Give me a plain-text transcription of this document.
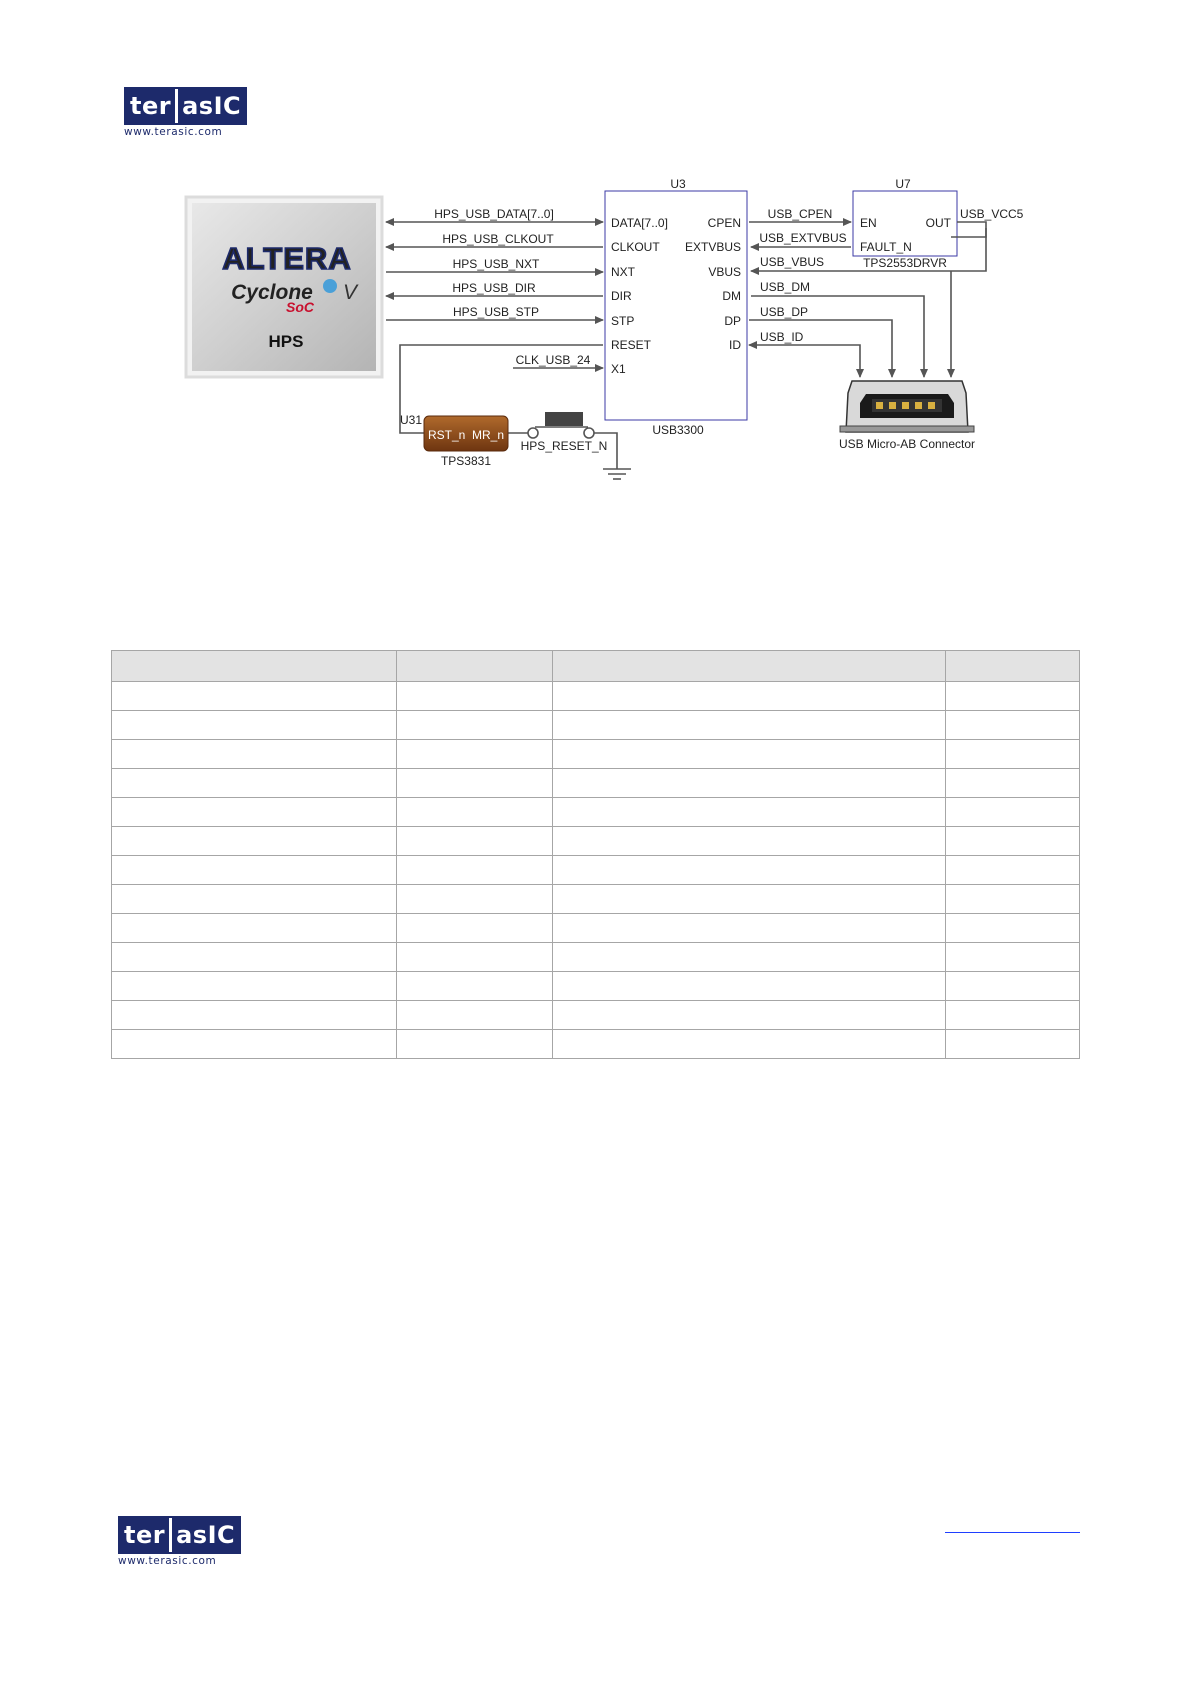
ter asIC
www.terasic.com
ALTERA
Cyclone V
SoC
HPS
U3
DATA[7..0]
CLKOUT
NXT
DIR
STP
RESET
X1
CPEN
EXTVBUS
VBUS
DM
DP
ID
USB3300
U7
EN	OUT
FAULT_N
TPS2553DRVR
HPS_USB_DATA[7..0]
HPS_USB_CLKOUT
HPS_USB_NXT
HPS_USB_DIR
HPS_USB_STP
CLK_USB_24
USB_CPEN
USB_EXTVBUS
USB_VBUS
USB_DM
USB_DP
USB_ID
USB_VCC5
USB Micro-AB Connector
U31
RST_n MR_n
TPS3831
HPS_RESET_N

ter asIC
www.terasic.com
